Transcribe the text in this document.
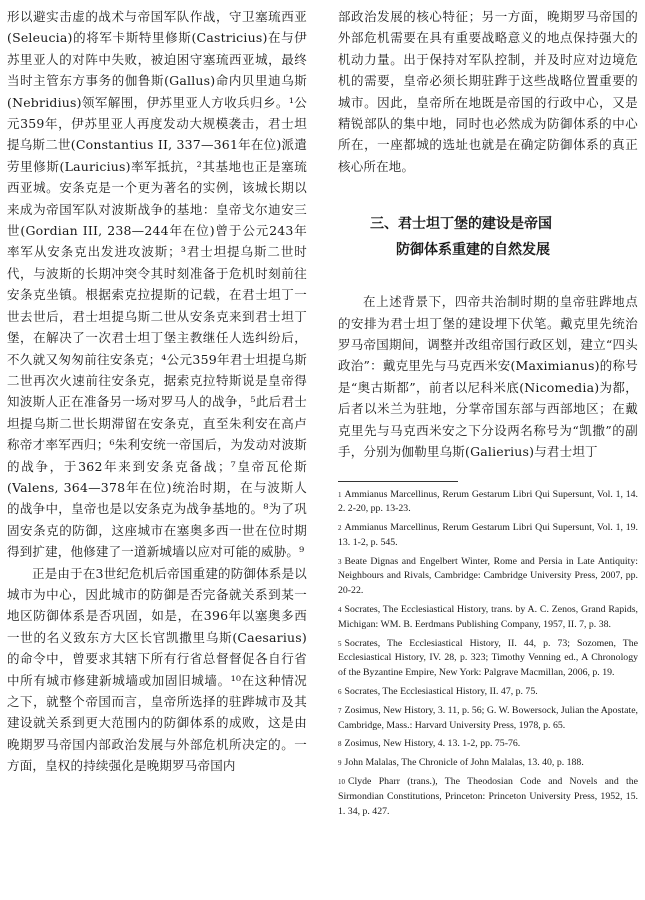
形以避实击虚的战术与帝国军队作战，守卫塞琉西亚(Seleucia)的将军卡斯特里修斯(Castricius)在与伊苏里亚人的对阵中失败，被迫困守塞琉西亚城，最终当时主管东方事务的伽鲁斯(Gallus)命内贝里迪乌斯(Nebridius)领军解围，伊苏里亚人方收兵归乡。¹公元359年，伊苏里亚人再度发动大规模袭击，君士坦提乌斯二世(Constantius II, 337—361年在位)派遣劳里修斯(Lauricius)率军抵抗，²其基地也正是塞琉西亚城。安条克是一个更为著名的实例，该城长期以来成为帝国军队对波斯战争的基地：皇帝戈尔迪安三世(Gordian III, 238—244年在位)曾于公元243年率军从安条克出发进攻波斯；³君士坦提乌斯二世时代，与波斯的长期冲突令其时刻准备于危机时刻前往安条克坐镇。根据索克拉提斯的记载，在君士坦丁一世去世后，君士坦提乌斯二世从安条克来到君士坦丁堡，在解决了一次君士坦丁堡主教继任人选纠纷后，不久就又匆匆前往安条克；⁴公元359年君士坦提乌斯二世再次火速前往安条克，据索克拉特斯说是皇帝得知波斯人正在准备另一场对罗马人的战争，⁵此后君士坦提乌斯二世长期滞留在安条克，直至朱利安在高卢称帝才率军西归；⁶朱利安统一帝国后，为发动对波斯的战争，于362年来到安条克备战；⁷皇帝瓦伦斯(Valens, 364—378年在位)统治时期，在与波斯人的战争中，皇帝也是以安条克为战争基地的。⁸为了巩固安条克的防御，这座城市在塞奥多西一世在位时期得到扩建，他修建了一道新城墙以应对可能的威胁。⁹

正是由于在3世纪危机后帝国重建的防御体系是以城市为中心，因此城市的防御是否完备就关系到某一地区防御体系是否巩固，如是，在396年以塞奥多西一世的名义致东方大区长官凯撒里乌斯(Caesarius)的命令中，曾要求其辖下所有行省总督督促各自行省中所有城市修建新城墙或加固旧城墙。¹⁰在这种情况之下，就整个帝国而言，皇帝所选择的驻跸城市及其建设就关系到更大范围内的防御体系的成败，这是由晚期罗马帝国内部政治发展与外部危机所决定的。一方面，皇权的持续强化是晚期罗马帝国内

部政治发展的核心特征；另一方面，晚期罗马帝国的外部危机需要在具有重要战略意义的地点保持强大的机动力量。出于保持对军队控制，并及时应对边境危机的需要，皇帝必须长期驻跸于这些战略位置重要的城市。因此，皇帝所在地既是帝国的行政中心，又是精锐部队的集中地，同时也必然成为防御体系的中心所在，一座都城的选址也就是在确定防御体系的真正核心所在地。

三、君士坦丁堡的建设是帝国
防御体系重建的自然发展

在上述背景下，四帝共治制时期的皇帝驻跸地点的安排为君士坦丁堡的建设埋下伏笔。戴克里先统治罗马帝国期间，调整并改组帝国行政区划，建立“四头政治”：戴克里先与马克西米安(Maximianus)的称号是“奥古斯都”，前者以尼科米底(Nicomedia)为都，后者以米兰为驻地，分掌帝国东部与西部地区；在戴克里先与马克西米安之下分设两名称号为“凯撒”的副手，分别为伽勒里乌斯(Galierius)与君士坦丁

$^1$ Ammianus Marcellinus, Rerum Gestarum Libri Qui Supersunt, Vol. 1, 14. 2. 2-20, pp. 13-23.

$^2$ Ammianus Marcellinus, Rerum Gestarum Libri Qui Supersunt, Vol. 1, 19. 13. 1-2, p. 545.

$^3$ Beate Dignas and Engelbert Winter, Rome and Persia in Late Antiquity: Neighbours and Rivals, Cambridge: Cambridge University Press, 2007, pp. 20-22.

$^4$ Socrates, The Ecclesiastical History, trans. by A. C. Zenos, Grand Rapids, Michigan: WM. B. Eerdmans Publishing Company, 1957, II. 7, p. 38.

$^5$ Socrates, The Ecclesiastical History, II. 44, p. 73; Sozomen, The Ecclesiastical History, IV. 28, p. 323; Timothy Venning ed., A Chronology of the Byzantine Empire, New York: Palgrave Macmillan, 2006, p. 19.

$^6$ Socrates, The Ecclesiastical History, II. 47, p. 75.

$^7$ Zosimus, New History, 3. 11, p. 56; G. W. Bowersock, Julian the Apostate, Cambridge, Mass.: Harvard University Press, 1978, p. 65.

$^8$ Zosimus, New History, 4. 13. 1-2, pp. 75-76.

$^9$ John Malalas, The Chronicle of John Malalas, 13. 40, p. 188.

$^{10}$ Clyde Pharr (trans.), The Theodosian Code and Novels and the Sirmondian Constitutions, Princeton: Princeton University Press, 1952, 15. 1. 34, p. 427.
